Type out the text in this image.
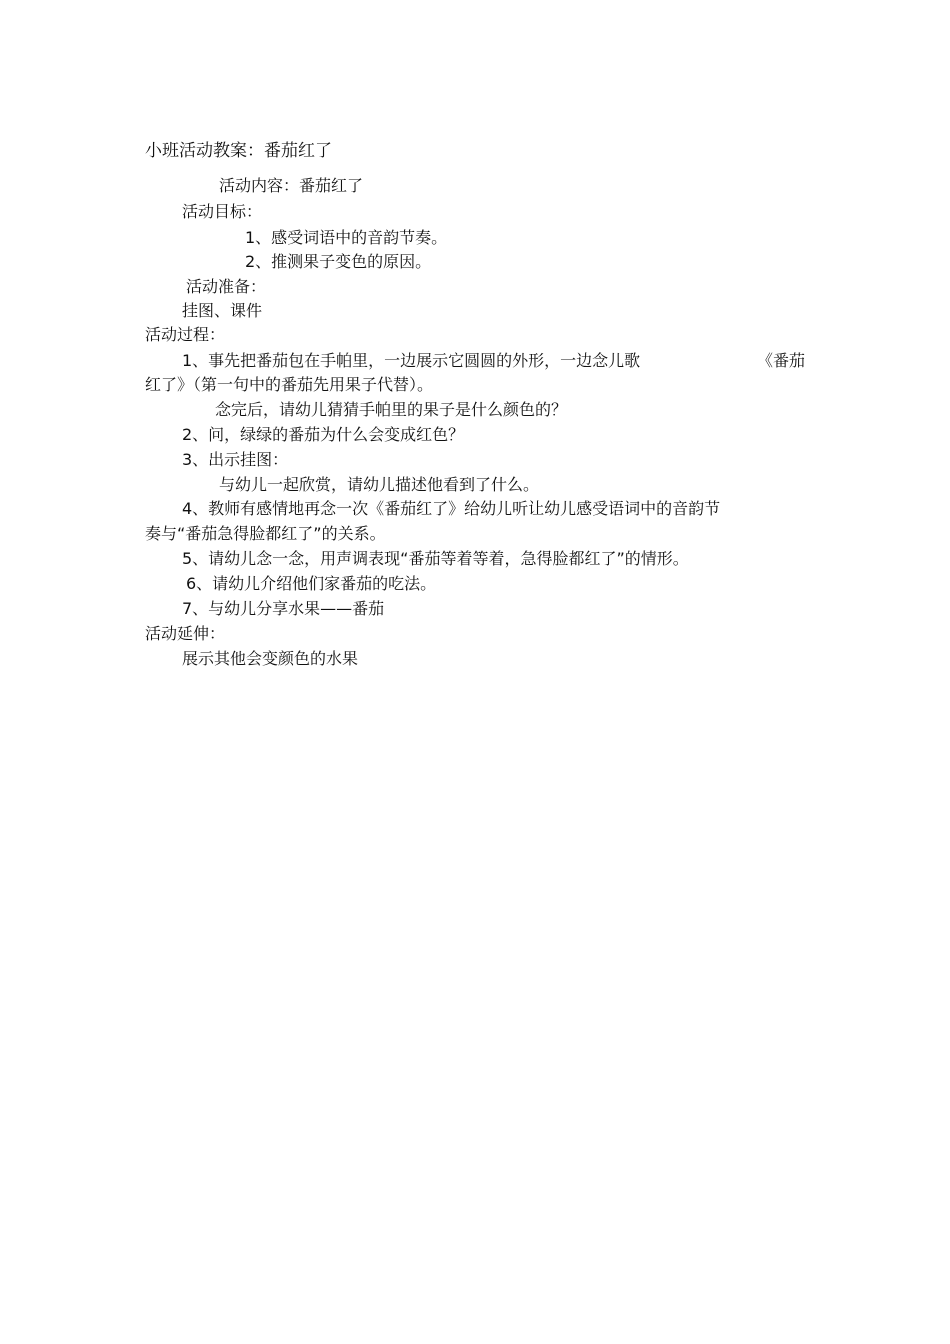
小班活动教案：番茄红了
活动内容：番茄红了
活动目标：
1、感受词语中的音韵节奏。
2、推测果子变色的原因。
活动准备：
挂图、课件
活动过程：
1、事先把番茄包在手帕里，一边展示它圆圆的外形，一边念儿歌	《番茄
红了》（第一句中的番茄先用果子代替）。
念完后，请幼儿猜猜手帕里的果子是什么颜色的？
2、问，绿绿的番茄为什么会变成红色？
3、出示挂图：
与幼儿一起欣赏，请幼儿描述他看到了什么。
4、教师有感情地再念一次《番茄红了》给幼儿听让幼儿感受语词中的音韵节
奏与“番茄急得脸都红了”的关系。
5、请幼儿念一念，用声调表现“番茄等着等着，急得脸都红了”的情形。
6、请幼儿介绍他们家番茄的吃法。
7、与幼儿分享水果——番茄
活动延伸：
展示其他会变颜色的水果
